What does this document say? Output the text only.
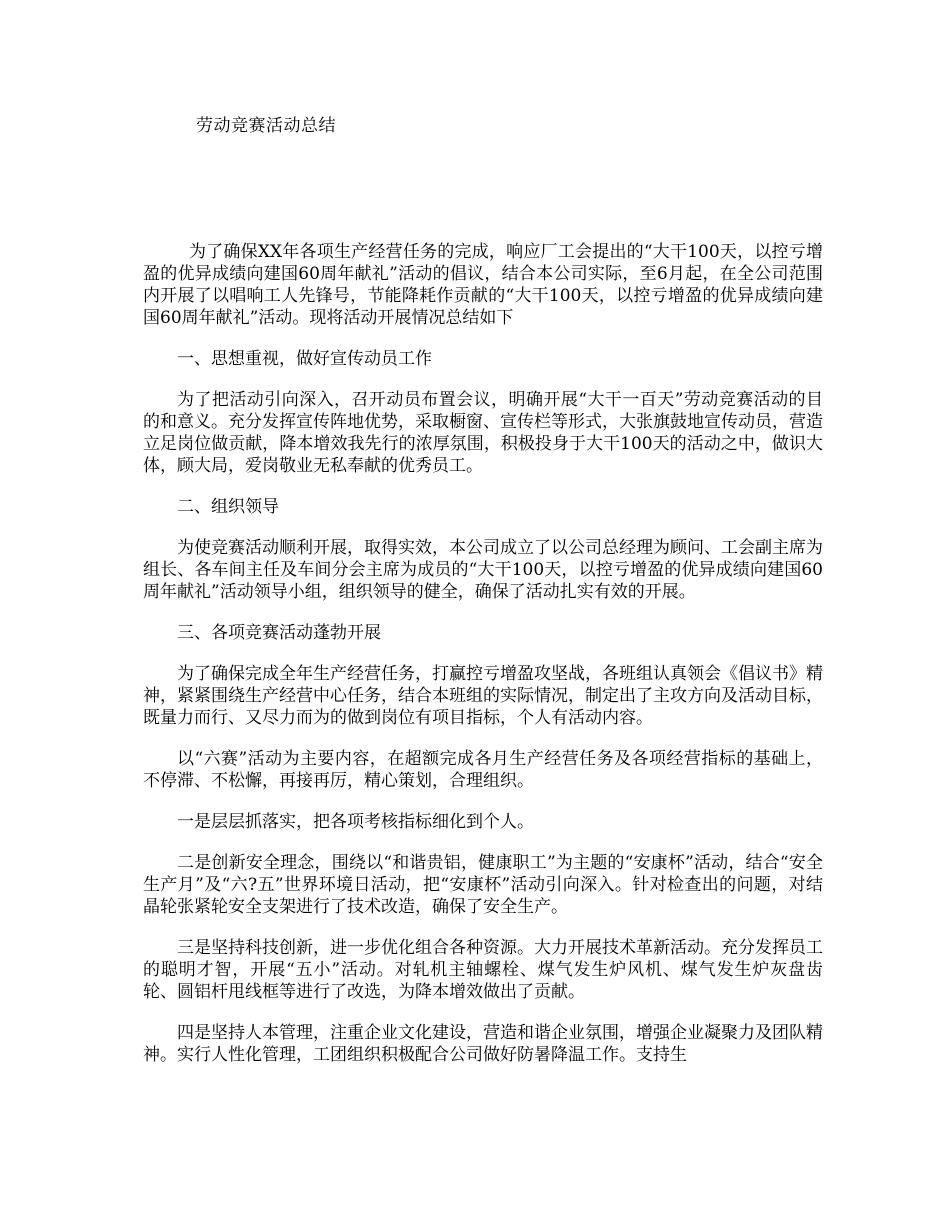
劳动竞赛活动总结

为了确保XX年各项生产经营任务的完成，响应厂工会提出的“大干100天，以控亏增盈的优异成绩向建国60周年献礼”活动的倡议，结合本公司实际，至6月起，在全公司范围内开展了以唱响工人先锋号，节能降耗作贡献的“大干100天，以控亏增盈的优异成绩向建国60周年献礼”活动。现将活动开展情况总结如下

一、思想重视，做好宣传动员工作

为了把活动引向深入，召开动员布置会议，明确开展“大干一百天”劳动竞赛活动的目的和意义。充分发挥宣传阵地优势，采取橱窗、宣传栏等形式，大张旗鼓地宣传动员，营造立足岗位做贡献，降本增效我先行的浓厚氛围，积极投身于大干100天的活动之中，做识大体，顾大局，爱岗敬业无私奉献的优秀员工。

二、组织领导

为使竞赛活动顺利开展，取得实效，本公司成立了以公司总经理为顾问、工会副主席为组长、各车间主任及车间分会主席为成员的“大干100天，以控亏增盈的优异成绩向建国60周年献礼”活动领导小组，组织领导的健全，确保了活动扎实有效的开展。

三、各项竞赛活动蓬勃开展

为了确保完成全年生产经营任务，打赢控亏增盈攻坚战，各班组认真领会《倡议书》精神，紧紧围绕生产经营中心任务，结合本班组的实际情况，制定出了主攻方向及活动目标，既量力而行、又尽力而为的做到岗位有项目指标，个人有活动内容。

以“六赛”活动为主要内容，在超额完成各月生产经营任务及各项经营指标的基础上，不停滞、不松懈，再接再厉，精心策划，合理组织。

一是层层抓落实，把各项考核指标细化到个人。

二是创新安全理念，围绕以“和谐贵铝，健康职工”为主题的“安康杯”活动，结合“安全生产月”及“六?五”世界环境日活动，把“安康杯”活动引向深入。针对检查出的问题，对结晶轮张紧轮安全支架进行了技术改造，确保了安全生产。

三是坚持科技创新，进一步优化组合各种资源。大力开展技术革新活动。充分发挥员工的聪明才智，开展“五小”活动。对轧机主轴螺栓、煤气发生炉风机、煤气发生炉灰盘齿轮、圆铝杆甩线框等进行了改选，为降本增效做出了贡献。

四是坚持人本管理，注重企业文化建设，营造和谐企业氛围，增强企业凝聚力及团队精神。实行人性化管理，工团组织积极配合公司做好防暑降温工作。支持生
